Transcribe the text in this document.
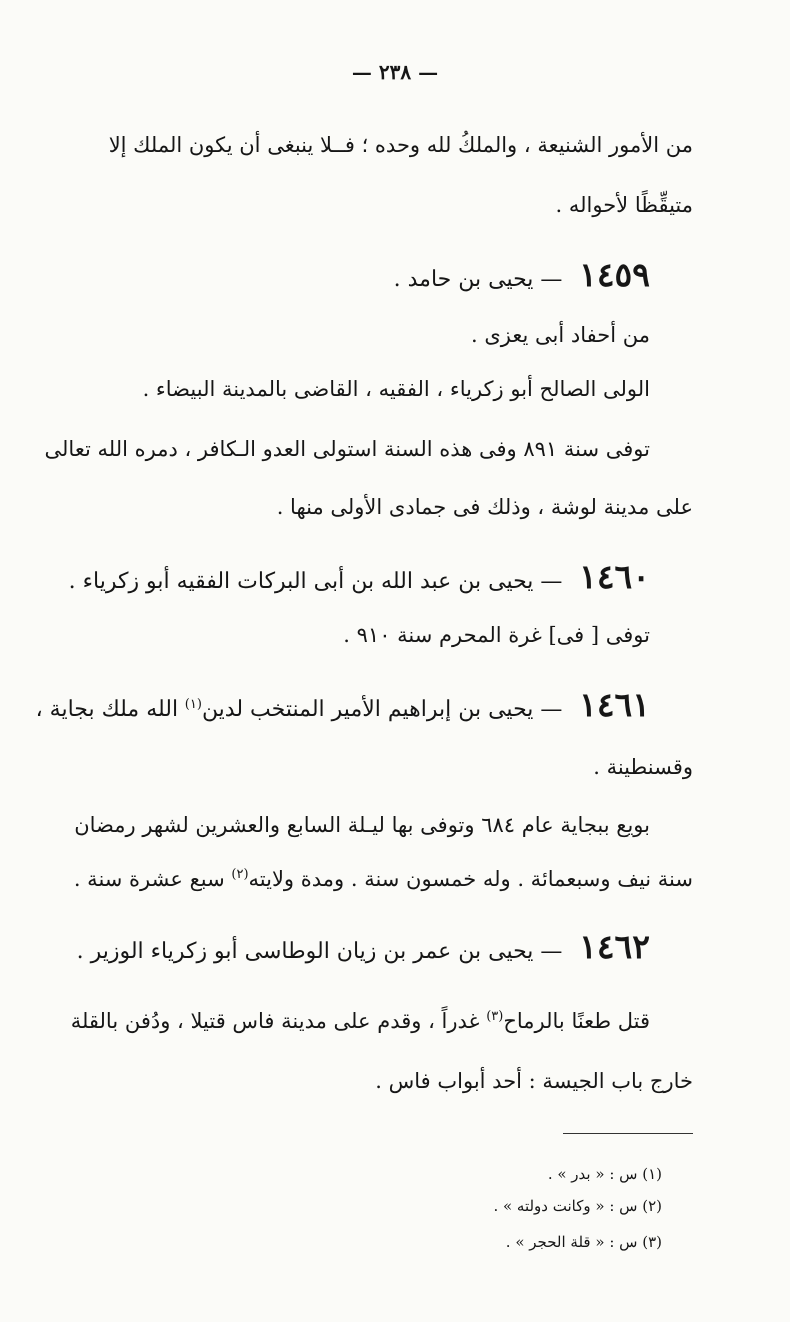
— ٢٣٨ —
من الأمور الشنيعة ، والملكُ لله وحده ؛ فــلا ينبغى أن يكون الملك إلا
متيقِّظًا لأحواله .
١٤٥٩ — يحيى بن حامد .
من أحفاد أبى يعزى .
الولى الصالح أبو زكرياء ، الفقيه ، القاضى بالمدينة البيضاء .
توفى سنة ٨٩١ وفى هذه السنة استولى العدو الـكافر ، دمره الله تعالى
على مدينة لوشة ، وذلك فى جمادى الأولى منها .
١٤٦٠ — يحيى بن عبد الله بن أبى البركات الفقيه أبو زكرياء .
توفى [ فى] غرة المحرم سنة ٩١٠ .
١٤٦١ — يحيى بن إبراهيم الأمير المنتخب لدين$^{(١)}$ الله ملك بجاية ،
وقسنطينة .
بويع ببجاية عام ٦٨٤ وتوفى بها ليـلة السابع والعشرين لشهر رمضان
سنة نيف وسبعمائة . وله خمسون سنة . ومدة ولايته$^{(٢)}$ سبع عشرة سنة .
١٤٦٢ — يحيى بن عمر بن زيان الوطاسى أبو زكرياء الوزير .
قتل طعنًا بالرماح$^{(٣)}$ غدراً ، وقدم على مدينة فاس قتيلا ، ودُفن بالقلة
خارج باب الجيسة : أحد أبواب فاس .
(١) س : « بدر » .
(٢) س : « وكانت دولته » .
(٣) س : « قلة الحجر » .
